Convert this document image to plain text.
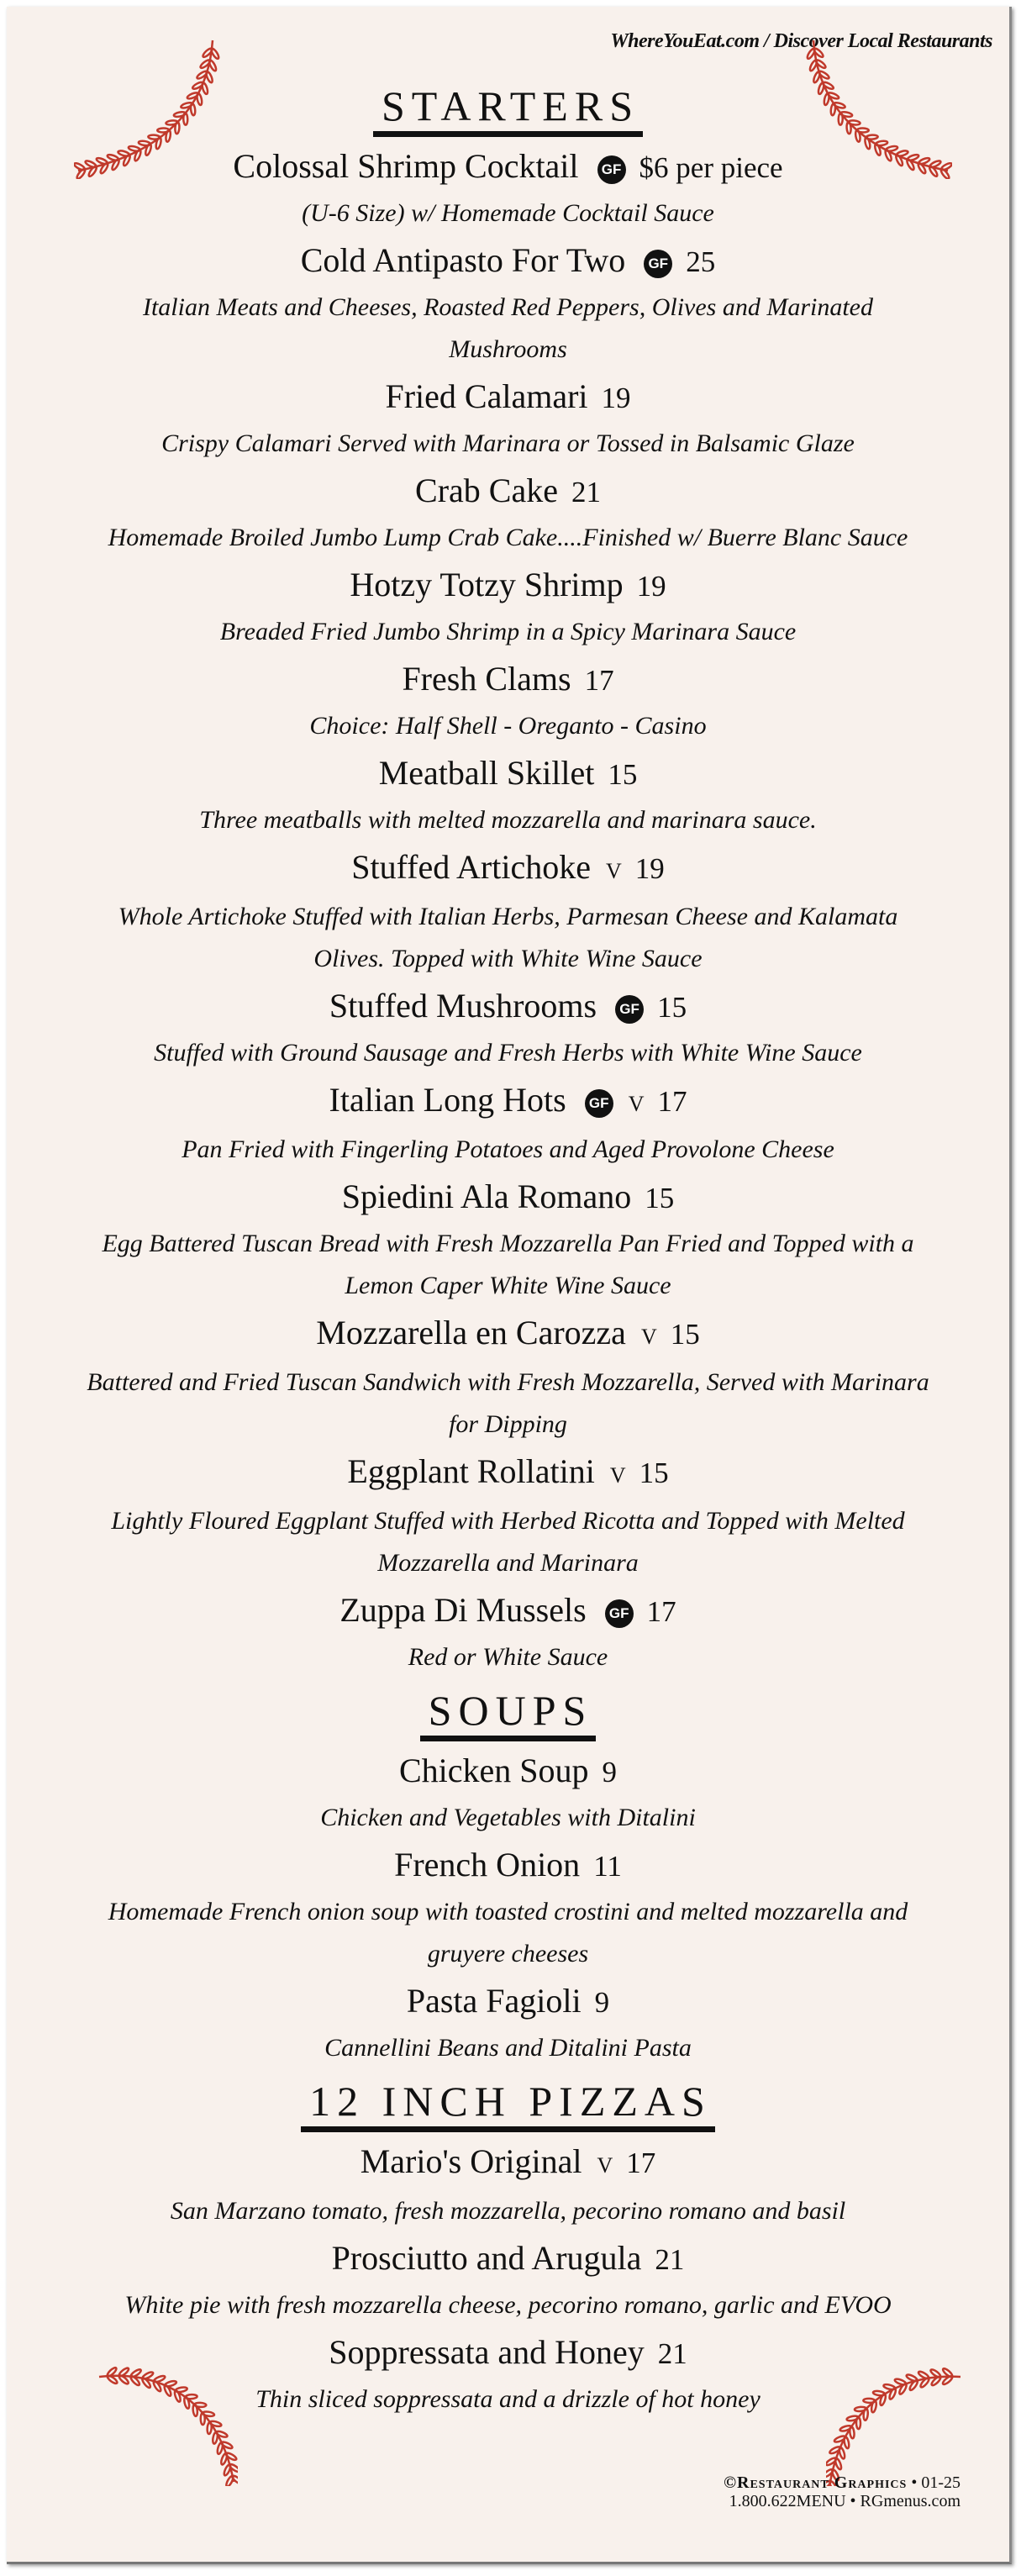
WhereYouEat.com / Discover Local Restaurants
STARTERS
Colossal Shrimp Cocktail GF $6 per piece
(U-6 Size) w/ Homemade Cocktail Sauce
Cold Antipasto For Two GF 25
Italian Meats and Cheeses, Roasted Red Peppers, Olives and Marinated Mushrooms
Fried Calamari 19
Crispy Calamari Served with Marinara or Tossed in Balsamic Glaze
Crab Cake 21
Homemade Broiled Jumbo Lump Crab Cake....Finished w/ Buerre Blanc Sauce
Hotzy Totzy Shrimp 19
Breaded Fried Jumbo Shrimp in a Spicy Marinara Sauce
Fresh Clams 17
Choice: Half Shell - Oreganto - Casino
Meatball Skillet 15
Three meatballs with melted mozzarella and marinara sauce.
Stuffed Artichoke V 19
Whole Artichoke Stuffed with Italian Herbs, Parmesan Cheese and Kalamata Olives. Topped with White Wine Sauce
Stuffed Mushrooms GF 15
Stuffed with Ground Sausage and Fresh Herbs with White Wine Sauce
Italian Long Hots GF V 17
Pan Fried with Fingerling Potatoes and Aged Provolone Cheese
Spiedini Ala Romano 15
Egg Battered Tuscan Bread with Fresh Mozzarella Pan Fried and Topped with a Lemon Caper White Wine Sauce
Mozzarella en Carozza V 15
Battered and Fried Tuscan Sandwich with Fresh Mozzarella, Served with Marinara for Dipping
Eggplant Rollatini V 15
Lightly Floured Eggplant Stuffed with Herbed Ricotta and Topped with Melted Mozzarella and Marinara
Zuppa Di Mussels GF 17
Red or White Sauce
SOUPS
Chicken Soup 9
Chicken and Vegetables with Ditalini
French Onion 11
Homemade French onion soup with toasted crostini and melted mozzarella and gruyere cheeses
Pasta Fagioli 9
Cannellini Beans and Ditalini Pasta
12 INCH PIZZAS
Mario's Original V 17
San Marzano tomato, fresh mozzarella, pecorino romano and basil
Prosciutto and Arugula 21
White pie with fresh mozzarella cheese, pecorino romano, garlic and EVOO
Soppressata and Honey 21
Thin sliced soppressata and a drizzle of hot honey
©Restaurant Graphics • 01-25
1.800.622MENU • RGmenus.com
